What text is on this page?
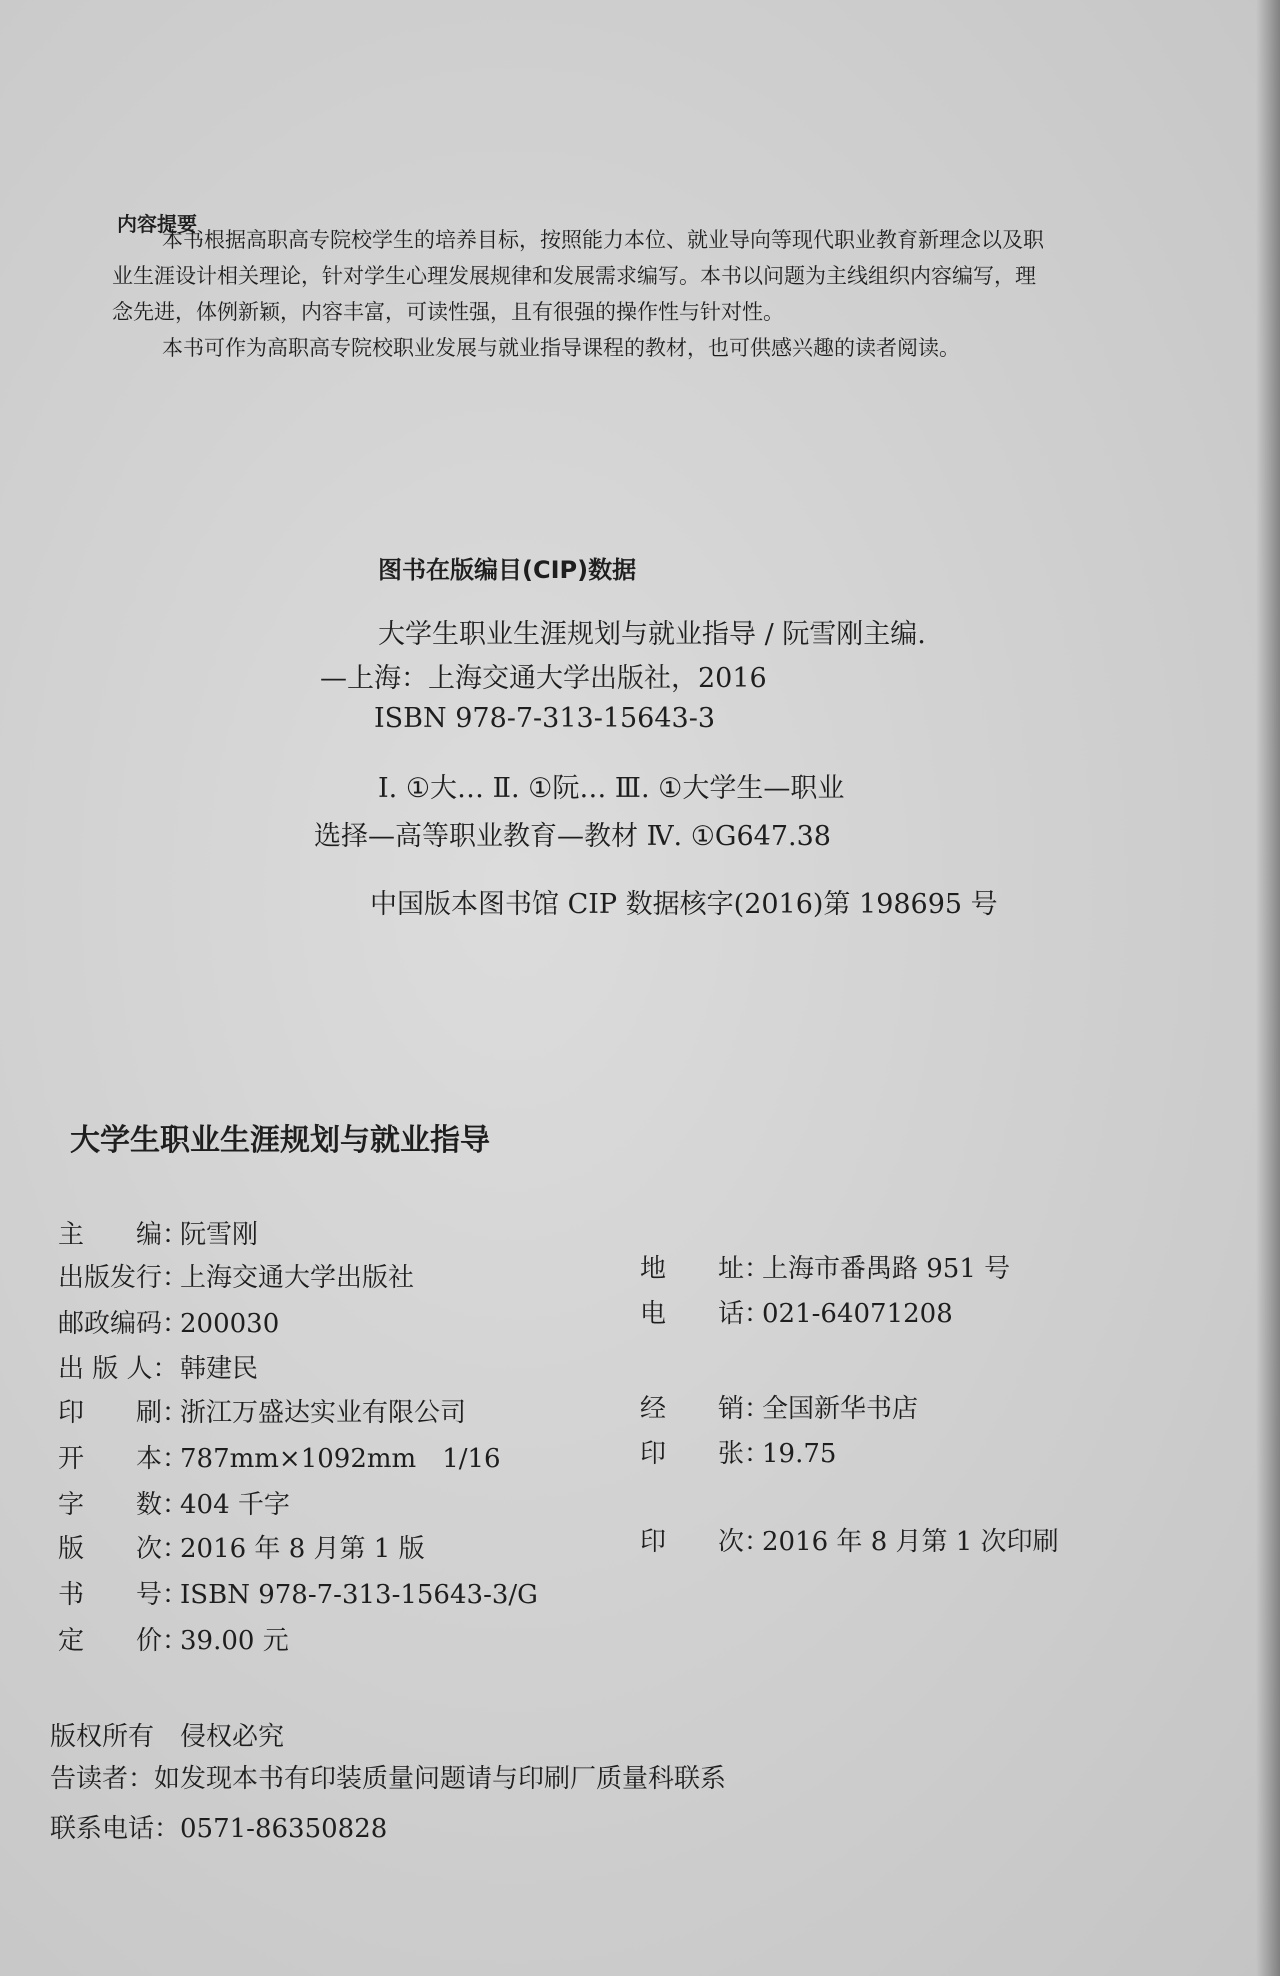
内容提要
本书根据高职高专院校学生的培养目标，按照能力本位、就业导向等现代职业教育新理念以及职
业生涯设计相关理论，针对学生心理发展规律和发展需求编写。本书以问题为主线组织内容编写，理
念先进，体例新颖，内容丰富，可读性强，且有很强的操作性与针对性。
本书可作为高职高专院校职业发展与就业指导课程的教材，也可供感兴趣的读者阅读。
图书在版编目(CIP)数据
大学生职业生涯规划与就业指导 / 阮雪刚主编.
—上海：上海交通大学出版社，2016
ISBN 978-7-313-15643-3
Ⅰ. ①大… Ⅱ. ①阮… Ⅲ. ①大学生—职业
选择—高等职业教育—教材 Ⅳ. ①G647.38
中国版本图书馆 CIP 数据核字(2016)第 198695 号
大学生职业生涯规划与就业指导
主　　编：阮雪刚
出版发行：上海交通大学出版社
邮政编码：200030
出 版 人：韩建民
印　　刷：浙江万盛达实业有限公司
开　　本：787mm×1092mm　1/16
字　　数：404 千字
版　　次：2016 年 8 月第 1 版
书　　号：ISBN 978-7-313-15643-3/G
定　　价：39.00 元
地　　址：上海市番禺路 951 号
电　　话：021-64071208
经　　销：全国新华书店
印　　张：19.75
印　　次：2016 年 8 月第 1 次印刷
版权所有　侵权必究
告读者：如发现本书有印装质量问题请与印刷厂质量科联系
联系电话：0571-86350828
